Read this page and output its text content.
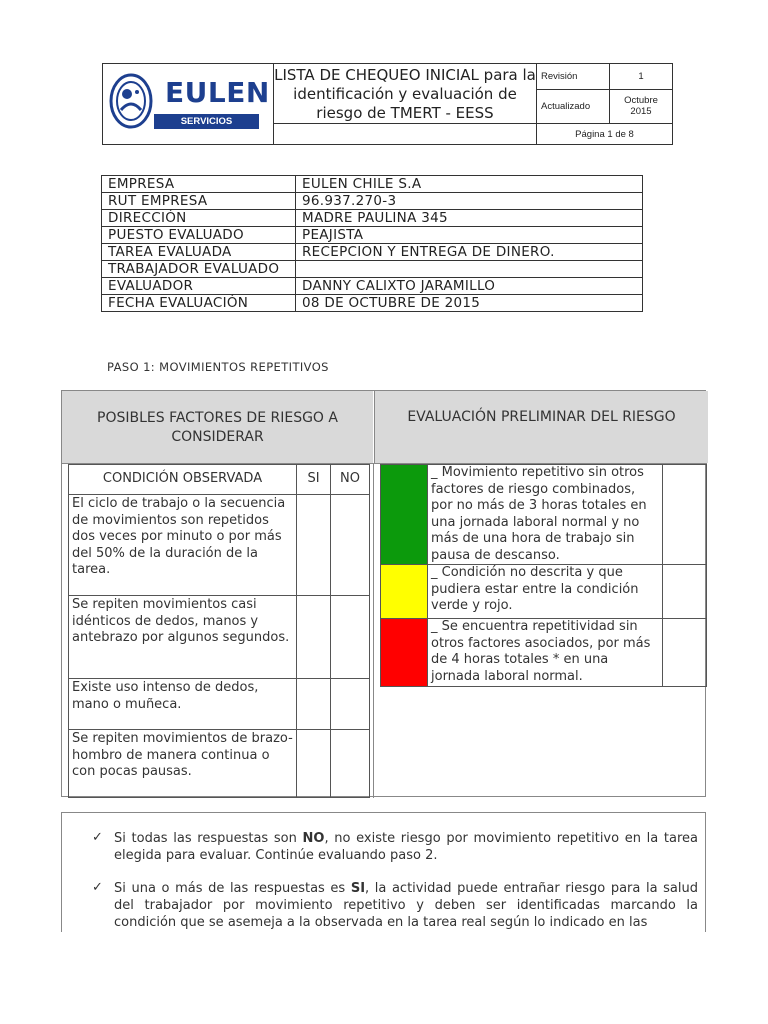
EULEN
SERVICIOS AUXILIARES	LISTA DE CHEQUEO INICIAL para la identificación y evaluación de riesgo de TMERT - EESS	Revisión	1
		Actualizado	Octubre 2015
		Página 1 de 8	
EMPRESA	EULEN CHILE S.A
RUT EMPRESA	96.937.270-3
DIRECCIÓN	MADRE PAULINA 345
PUESTO EVALUADO	PEAJISTA
TAREA EVALUADA	RECEPCION Y ENTREGA DE DINERO.
TRABAJADOR EVALUADO	
EVALUADOR	DANNY CALIXTO JARAMILLO
FECHA EVALUACIÓN	08 DE OCTUBRE DE 2015
PASO 1: MOVIMIENTOS REPETITIVOS
POSIBLES FACTORES DE RIESGO A CONSIDERAR
EVALUACIÓN PRELIMINAR DEL RIESGO
CONDICIÓN OBSERVADA	SI	NO
El ciclo de trabajo o la secuencia de movimientos son repetidos dos veces por minuto o por más del 50% de la duración de la tarea.		
Se repiten movimientos casi idénticos de dedos, manos y antebrazo por algunos segundos.		
Existe uso intenso de dedos, mano o muñeca.		
Se repiten movimientos de brazo-hombro de manera continua o con pocas pausas.		
	_ Movimiento repetitivo sin otros factores de riesgo combinados, por no más de 3 horas totales en una jornada laboral normal y no más de una hora de trabajo sin pausa de descanso.	
	_ Condición no descrita y que pudiera estar entre la condición verde y rojo.	
	_ Se encuentra repetitividad sin otros factores asociados, por más de 4 horas totales * en una jornada laboral normal.	
✓ Si todas las respuestas son NO, no existe riesgo por movimiento repetitivo en la tarea elegida para evaluar. Continúe evaluando paso 2.
✓ Si una o más de las respuestas es SI, la actividad puede entrañar riesgo para la salud del trabajador por movimiento repetitivo y deben ser identificadas marcando la condición que se asemeja a la observada en la tarea real según lo indicado en las
